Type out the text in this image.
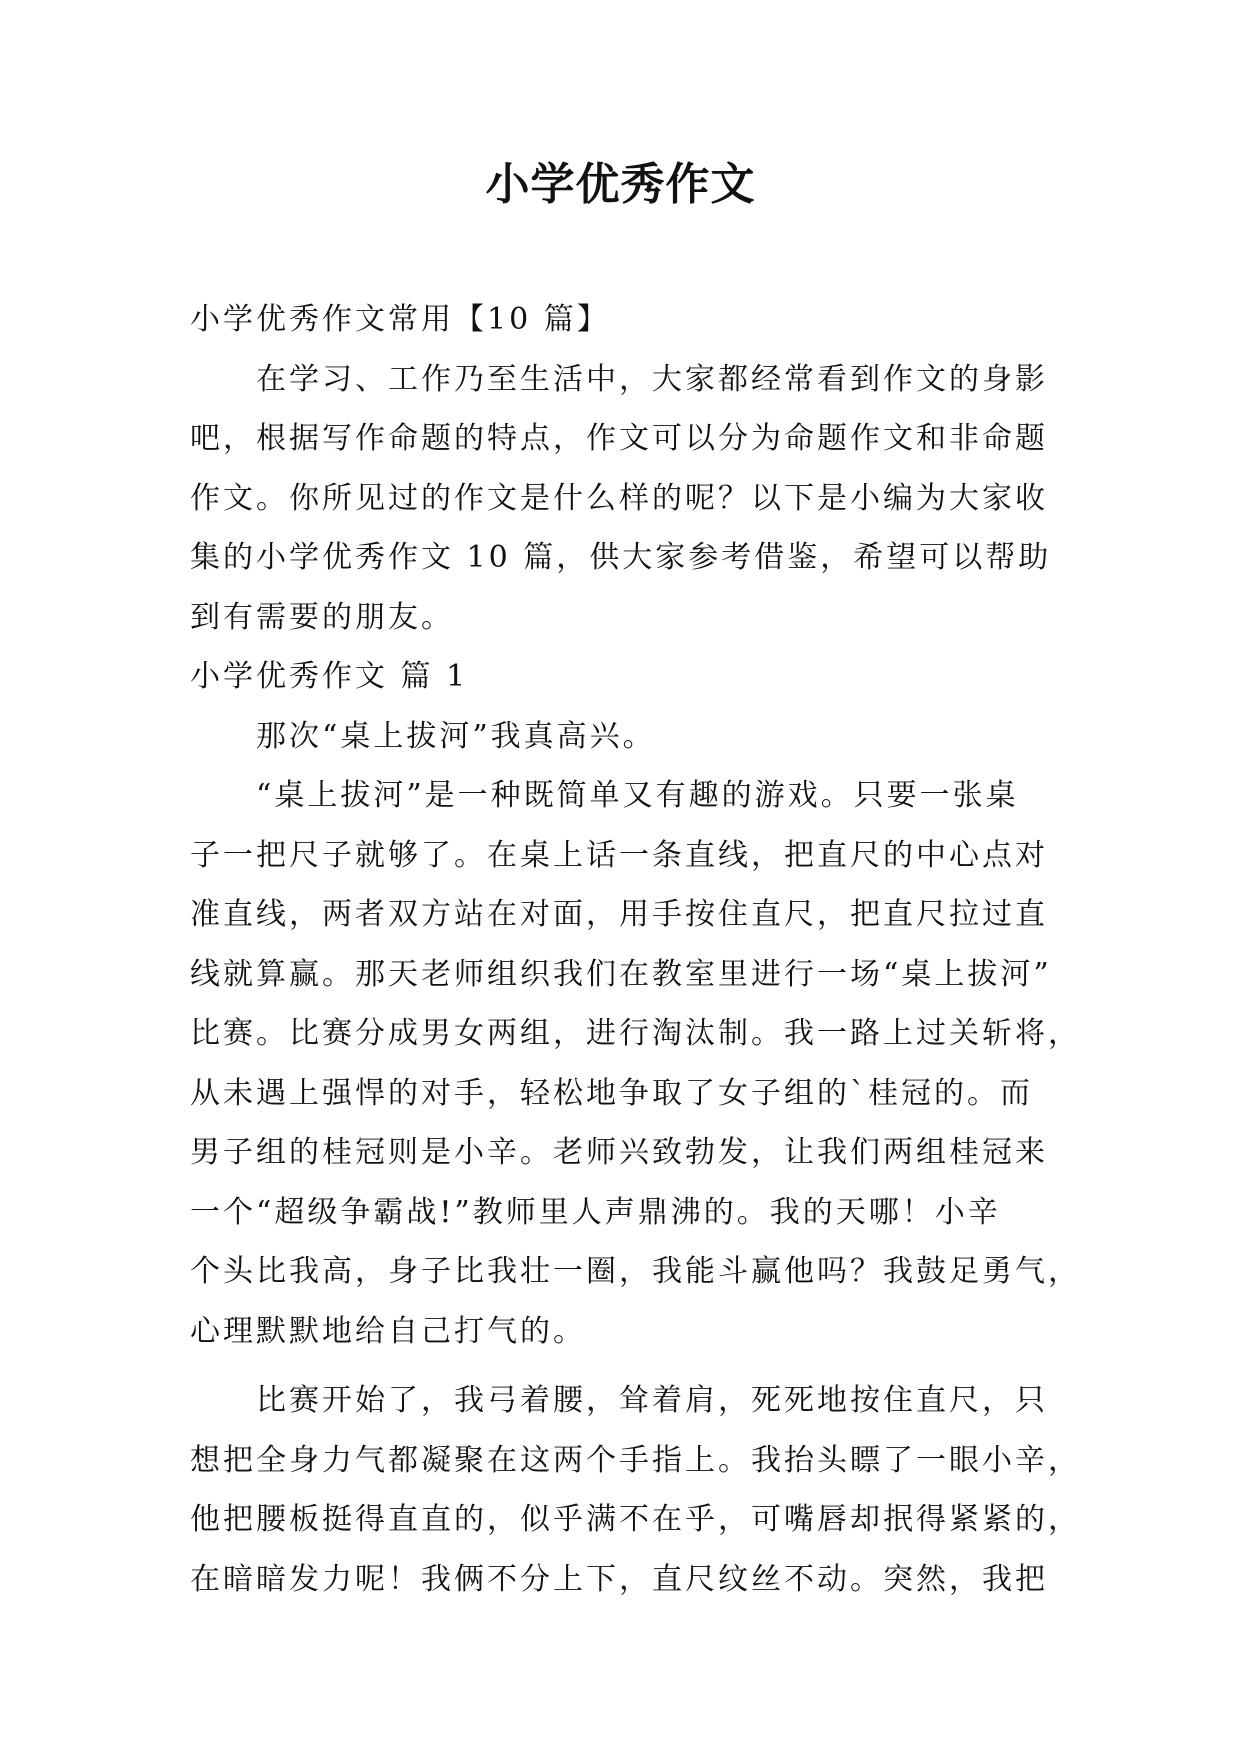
小学优秀作文

小学优秀作文常用【10 篇】

在学习、工作乃至生活中，大家都经常看到作文的身影

吧，根据写作命题的特点，作文可以分为命题作文和非命题

作文。你所见过的作文是什么样的呢？以下是小编为大家收

集的小学优秀作文 10 篇，供大家参考借鉴，希望可以帮助

到有需要的朋友。

小学优秀作文 篇 1

那次“桌上拔河”我真高兴。

“桌上拔河”是一种既简单又有趣的游戏。只要一张桌

子一把尺子就够了。在桌上话一条直线，把直尺的中心点对

准直线，两者双方站在对面，用手按住直尺，把直尺拉过直

线就算赢。那天老师组织我们在教室里进行一场“桌上拔河”

比赛。比赛分成男女两组，进行淘汰制。我一路上过关斩将，

从未遇上强悍的对手，轻松地争取了女子组的`桂冠的。而

男子组的桂冠则是小辛。老师兴致勃发，让我们两组桂冠来

一个“超级争霸战!”教师里人声鼎沸的。我的天哪！小辛

个头比我高，身子比我壮一圈，我能斗赢他吗？我鼓足勇气，

心理默默地给自己打气的。

比赛开始了，我弓着腰，耸着肩，死死地按住直尺，只

想把全身力气都凝聚在这两个手指上。我抬头瞟了一眼小辛，

他把腰板挺得直直的，似乎满不在乎，可嘴唇却抿得紧紧的，

在暗暗发力呢！我俩不分上下，直尺纹丝不动。突然，我把
